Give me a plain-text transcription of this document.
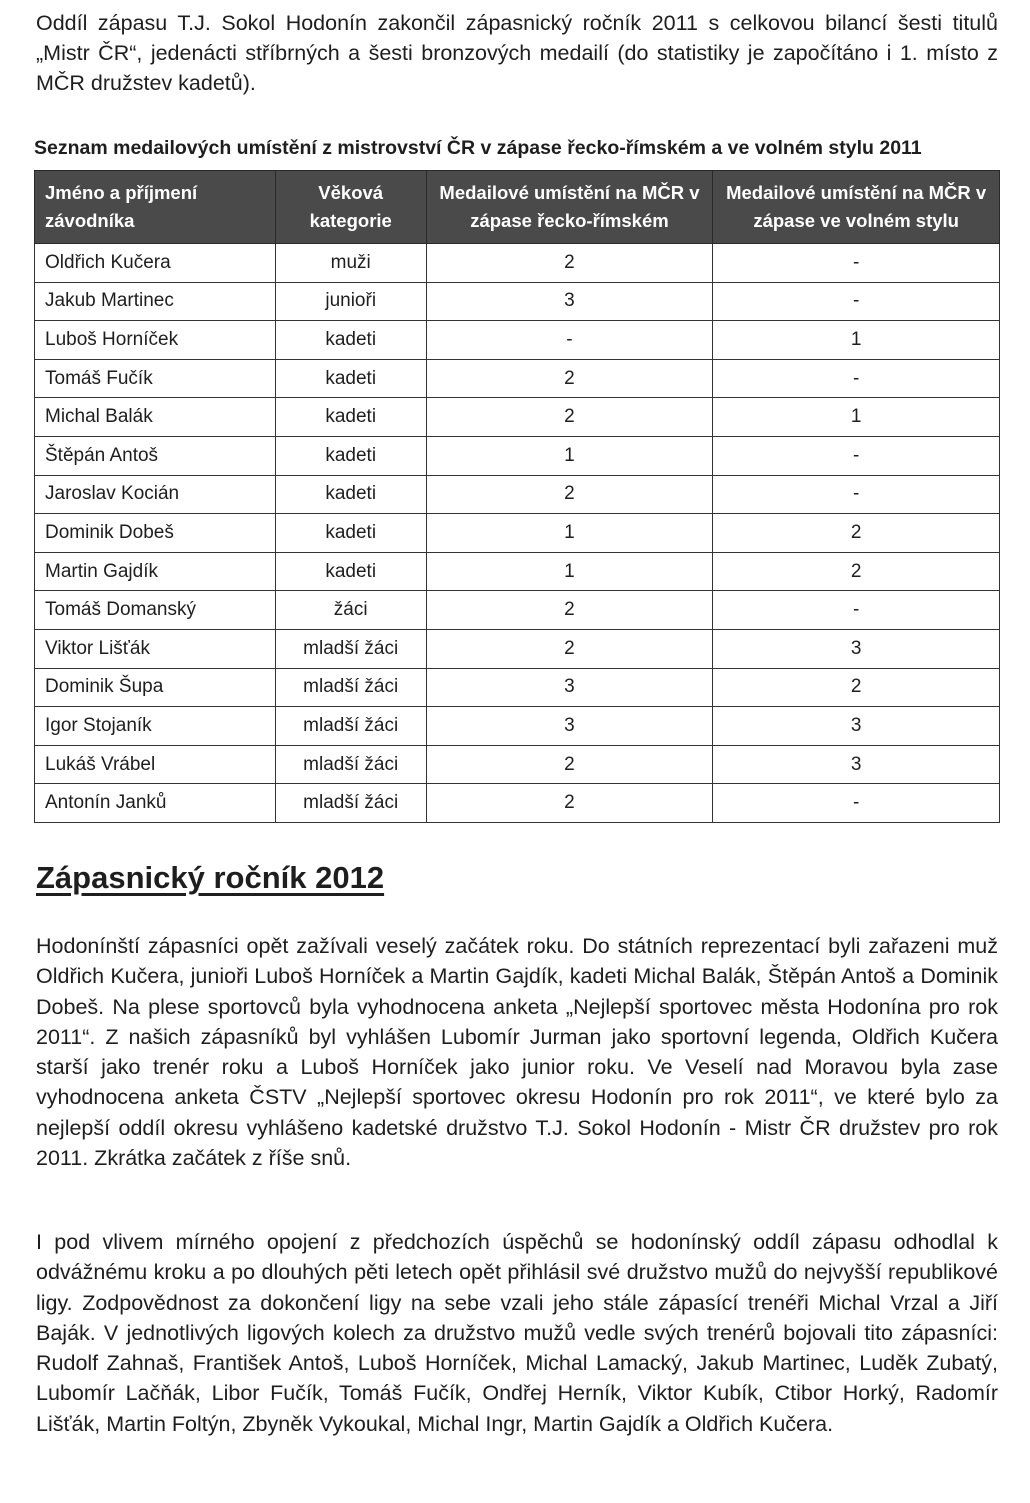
Oddíl zápasu T.J. Sokol Hodonín zakončil zápasnický ročník 2011 s celkovou bilancí šesti titulů „Mistr ČR“, jedenácti stříbrných a šesti bronzových medailí (do statistiky je započítáno i 1. místo z MČR družstev kadetů).

Seznam medailových umístění z mistrovství ČR v zápase řecko-římském a ve volném stylu 2011

Jméno a příjmení závodníka	Věková kategorie	Medailové umístění na MČR v zápase řecko-římském	Medailové umístění na MČR v zápase ve volném stylu
Oldřich Kučera	muži	2	-
Jakub Martinec	junioři	3	-
Luboš Horníček	kadeti	-	1
Tomáš Fučík	kadeti	2	-
Michal Balák	kadeti	2	1
Štěpán Antoš	kadeti	1	-
Jaroslav Kocián	kadeti	2	-
Dominik Dobeš	kadeti	1	2
Martin Gajdík	kadeti	1	2
Tomáš Domanský	žáci	2	-
Viktor Lišťák	mladší žáci	2	3
Dominik Šupa	mladší žáci	3	2
Igor Stojaník	mladší žáci	3	3
Lukáš Vrábel	mladší žáci	2	3
Antonín Janků	mladší žáci	2	-
Zápasnický ročník 2012

Hodonínští zápasníci opět zažívali veselý začátek roku. Do státních reprezentací byli zařazeni muž Oldřich Kučera, junioři Luboš Horníček a Martin Gajdík, kadeti Michal Balák, Štěpán Antoš a Dominik Dobeš. Na plese sportovců byla vyhodnocena anketa „Nejlepší sportovec města Hodonína pro rok 2011“. Z našich zápasníků byl vyhlášen Lubomír Jurman jako sportovní legenda, Oldřich Kučera starší jako trenér roku a Luboš Horníček jako junior roku. Ve Veselí nad Moravou byla zase vyhodnocena anketa ČSTV „Nejlepší sportovec okresu Hodonín pro rok 2011“, ve které bylo za nejlepší oddíl okresu vyhlášeno kadetské družstvo T.J. Sokol Hodonín - Mistr ČR družstev pro rok 2011. Zkrátka začátek z říše snů.

I pod vlivem mírného opojení z předchozích úspěchů se hodonínský oddíl zápasu odhodlal k odvážnému kroku a po dlouhých pěti letech opět přihlásil své družstvo mužů do nejvyšší republikové ligy. Zodpovědnost za dokončení ligy na sebe vzali jeho stále zápasící trenéři Michal Vrzal a Jiří Baják. V jednotlivých ligových kolech za družstvo mužů vedle svých trenérů bojovali tito zápasníci: Rudolf Zahnaš, František Antoš, Luboš Horníček, Michal Lamacký, Jakub Martinec, Luděk Zubatý, Lubomír Lačňák, Libor Fučík, Tomáš Fučík, Ondřej Herník, Viktor Kubík, Ctibor Horký, Radomír Lišťák, Martin Foltýn, Zbyněk Vykoukal, Michal Ingr, Martin Gajdík a Oldřich Kučera.
